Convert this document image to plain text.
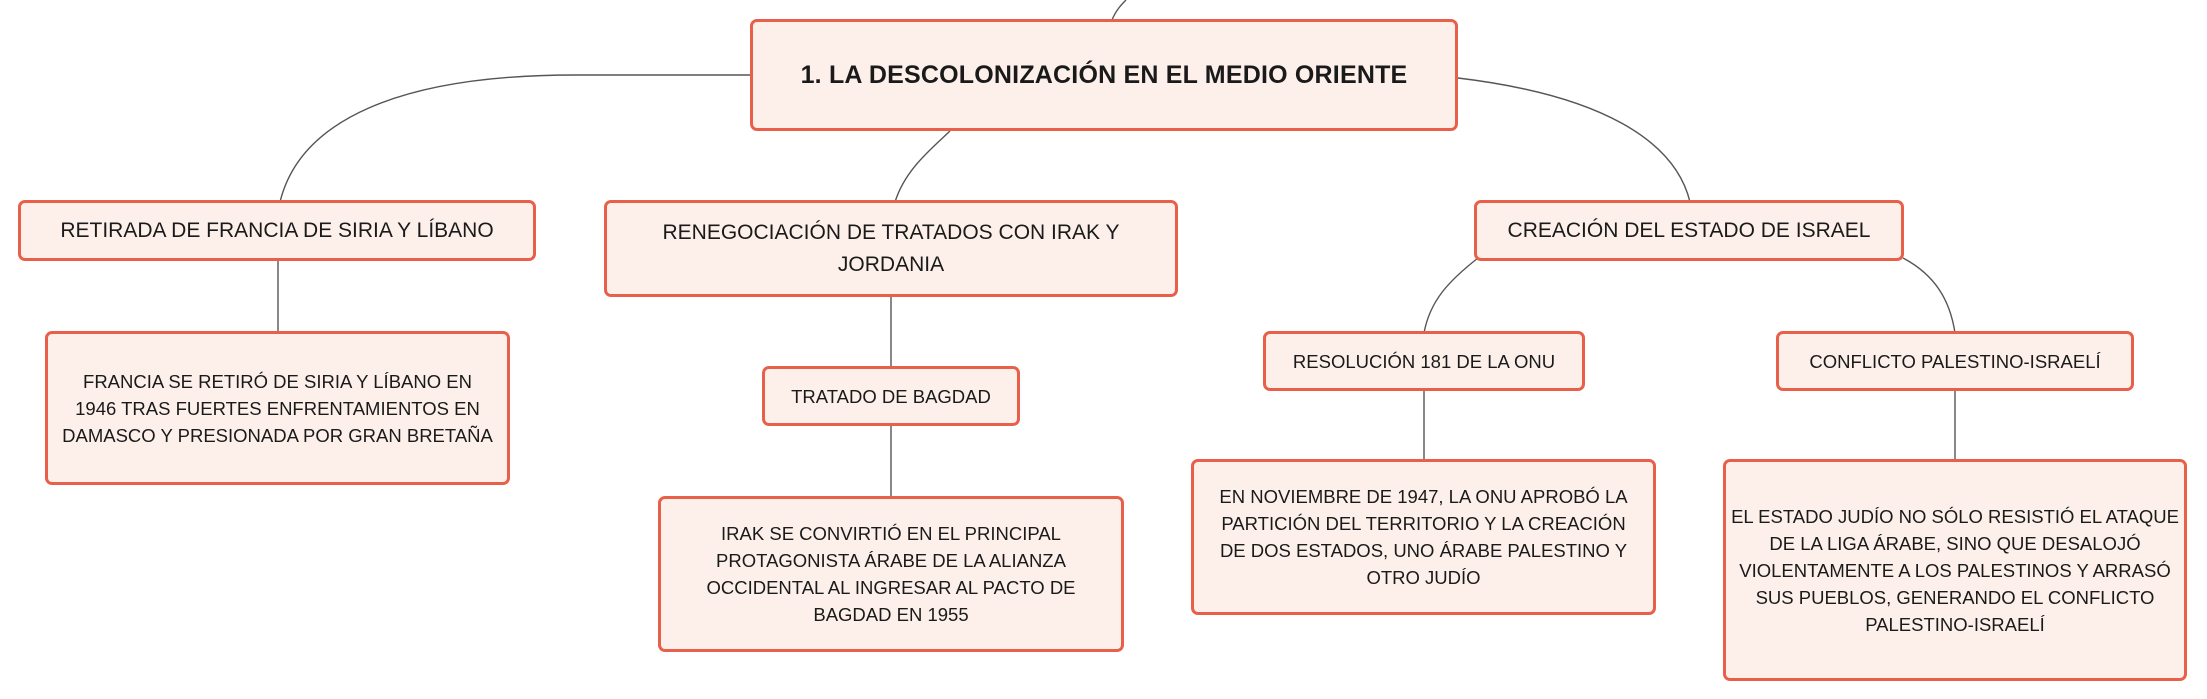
1. LA DESCOLONIZACIÓN EN EL MEDIO ORIENTE
RETIRADA DE FRANCIA DE SIRIA Y LÍBANO
FRANCIA SE RETIRÓ DE SIRIA Y LÍBANO EN 1946 TRAS FUERTES ENFRENTAMIENTOS EN DAMASCO Y PRESIONADA POR GRAN BRETAÑA
RENEGOCIACIÓN DE TRATADOS CON IRAK Y JORDANIA
TRATADO DE BAGDAD
IRAK SE CONVIRTIÓ EN EL PRINCIPAL PROTAGONISTA ÁRABE DE LA ALIANZA OCCIDENTAL AL INGRESAR AL PACTO DE BAGDAD EN 1955
CREACIÓN DEL ESTADO DE ISRAEL
RESOLUCIÓN 181 DE LA ONU
EN NOVIEMBRE DE 1947, LA ONU APROBÓ LA PARTICIÓN DEL TERRITORIO Y LA CREACIÓN DE DOS ESTADOS, UNO ÁRABE PALESTINO Y OTRO JUDÍO
CONFLICTO PALESTINO-ISRAELÍ
EL ESTADO JUDÍO NO SÓLO RESISTIÓ EL ATAQUE DE LA LIGA ÁRABE, SINO QUE DESALOJÓ VIOLENTAMENTE A LOS PALESTINOS Y ARRASÓ SUS PUEBLOS, GENERANDO EL CONFLICTO PALESTINO-ISRAELÍ
